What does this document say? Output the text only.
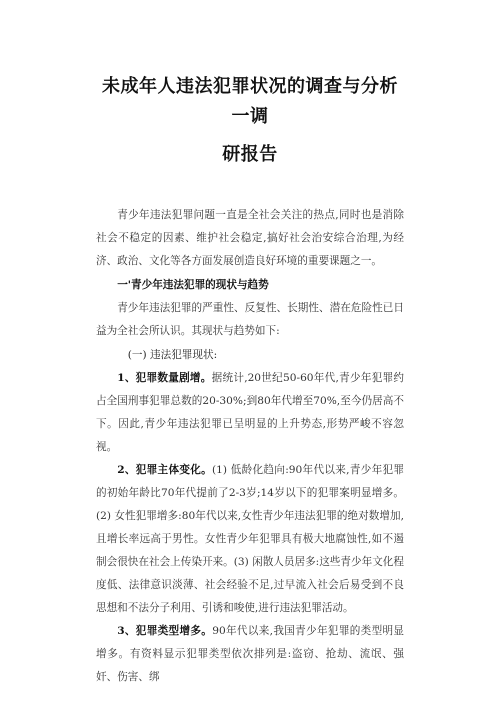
未成年人违法犯罪状况的调查与分析一调
研报告

青少年违法犯罪问题一直是全社会关注的热点,同时也是消除社会不稳定的因素、维护社会稳定,搞好社会治安综合治理,为经济、政治、文化等各方面发展创造良好环境的重要课题之一。

一'青少年违法犯罪的现状与趋势

青少年违法犯罪的严重性、反复性、长期性、潜在危险性已日益为全社会所认识。其现状与趋势如下:

(一) 违法犯罪现状:

1、犯罪数量剧增。据统计,20世纪50-60年代,青少年犯罪约占全国刑事犯罪总数的20-30%;到80年代增至70%,至今仍居高不下。因此,青少年违法犯罪已呈明显的上升势态,形势严峻不容忽视。

2、犯罪主体变化。(1) 低龄化趋向:90年代以来,青少年犯罪的初始年龄比70年代提前了2-3岁;14岁以下的犯罪案明显增多。(2) 女性犯罪增多:80年代以来,女性青少年违法犯罪的绝对数增加,且增长率远高于男性。女性青少年犯罪具有极大地腐蚀性,如不遏制会很快在社会上传染开来。(3) 闲散人员居多:这些青少年文化程度低、法律意识淡薄、社会经验不足,过早流入社会后易受到不良思想和不法分子利用、引诱和唆使,进行违法犯罪活动。

3、犯罪类型增多。90年代以来,我国青少年犯罪的类型明显增多。有资料显示犯罪类型依次排列是:盗窃、抢劫、流氓、强奸、伤害、绑
